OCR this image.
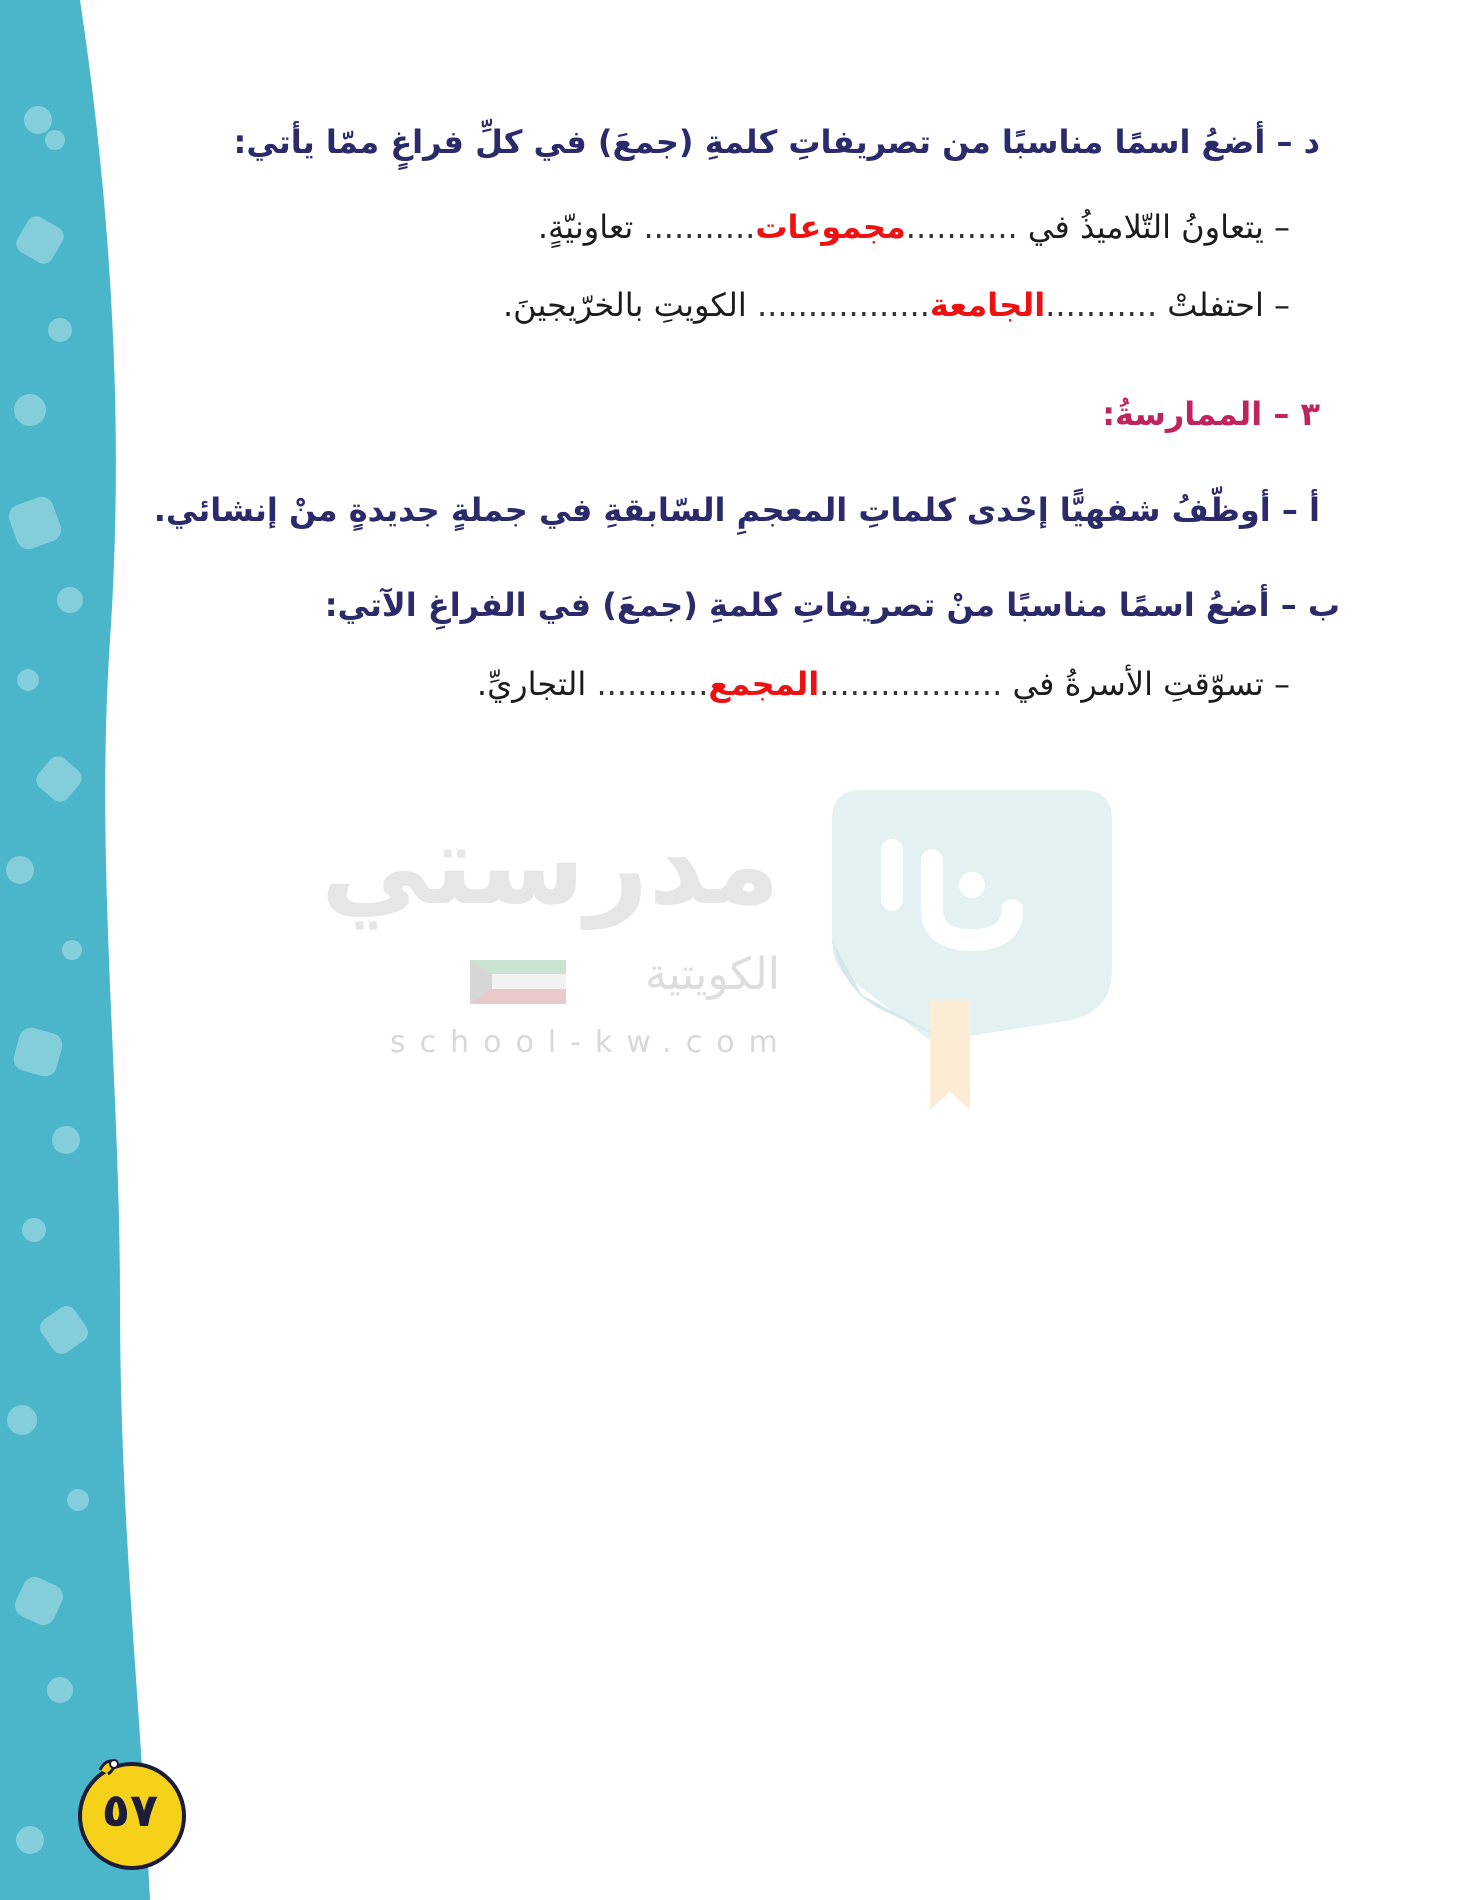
د – أضعُ اسمًا مناسبًا من تصريفاتِ كلمةِ (جمعَ) في كلِّ فراغٍ ممّا يأتي:
– يتعاونُ التّلاميذُ في ...........مجموعات........... تعاونيّةٍ.
– احتفلتْ ...........الجامعة................. الكويتِ بالخرّيجينَ.
٣ – الممارسةُ:
أ – أوظّفُ شفهيًّا إحْدى كلماتِ المعجمِ السّابقةِ في جملةٍ جديدةٍ منْ إنشائي.
ب – أضعُ اسمًا مناسبًا منْ تصريفاتِ كلمةِ (جمعَ) في الفراغِ الآتي:
– تسوّقتِ الأسرةُ في ..................المجمع........... التجاريِّ.
مدرستي
الكويتية
school-kw.com
٥٧
